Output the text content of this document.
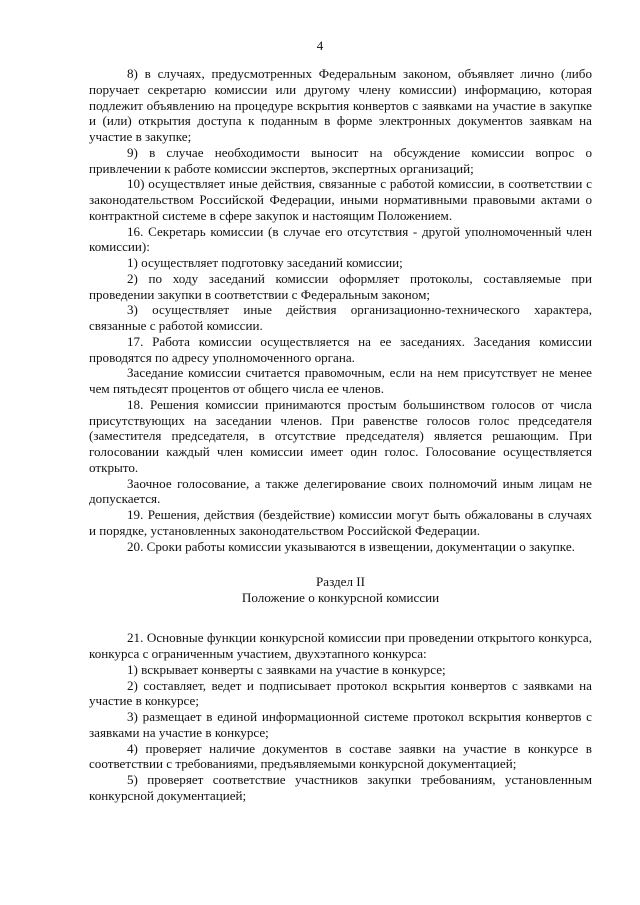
4

8) в случаях, предусмотренных Федеральным законом, объявляет лично (либо поручает секретарю комиссии или другому члену комиссии) информацию, которая подлежит объявлению на процедуре вскрытия конвертов с заявками на участие в закупке и (или) открытия доступа к поданным в форме электронных документов заявкам на участие в закупке;

9) в случае необходимости выносит на обсуждение комиссии вопрос о привлечении к работе комиссии экспертов, экспертных организаций;

10) осуществляет иные действия, связанные с работой комиссии, в соответствии с законодательством Российской Федерации, иными нормативными правовыми актами о контрактной системе в сфере закупок и настоящим Положением.

16. Секретарь комиссии (в случае его отсутствия - другой уполномоченный член комиссии):

1) осуществляет подготовку заседаний комиссии;

2) по ходу заседаний комиссии оформляет протоколы, составляемые при проведении закупки в соответствии с Федеральным законом;

3) осуществляет иные действия организационно-технического характера, связанные с работой комиссии.

17. Работа комиссии осуществляется на ее заседаниях. Заседания комиссии проводятся по адресу уполномоченного органа.

Заседание комиссии считается правомочным, если на нем присутствует не менее чем пятьдесят процентов от общего числа ее членов.

18. Решения комиссии принимаются простым большинством голосов от числа присутствующих на заседании членов. При равенстве голосов голос председателя (заместителя председателя, в отсутствие председателя) является решающим. При голосовании каждый член комиссии имеет один голос. Голосование осуществляется открыто.

Заочное голосование, а также делегирование своих полномочий иным лицам не допускается.

19. Решения, действия (бездействие) комиссии могут быть обжалованы в случаях и порядке, установленных законодательством Российской Федерации.

20. Сроки работы комиссии указываются в извещении, документации о закупке.

Раздел II

Положение о конкурсной комиссии

21. Основные функции конкурсной комиссии при проведении открытого конкурса, конкурса с ограниченным участием, двухэтапного конкурса:

1) вскрывает конверты с заявками на участие в конкурсе;

2) составляет, ведет и подписывает протокол вскрытия конвертов с заявками на участие в конкурсе;

3) размещает в единой информационной системе протокол вскрытия конвертов с заявками на участие в конкурсе;

4) проверяет наличие документов в составе заявки на участие в конкурсе в соответствии с требованиями, предъявляемыми конкурсной документацией;

5) проверяет соответствие участников закупки требованиям, установленным конкурсной документацией;
